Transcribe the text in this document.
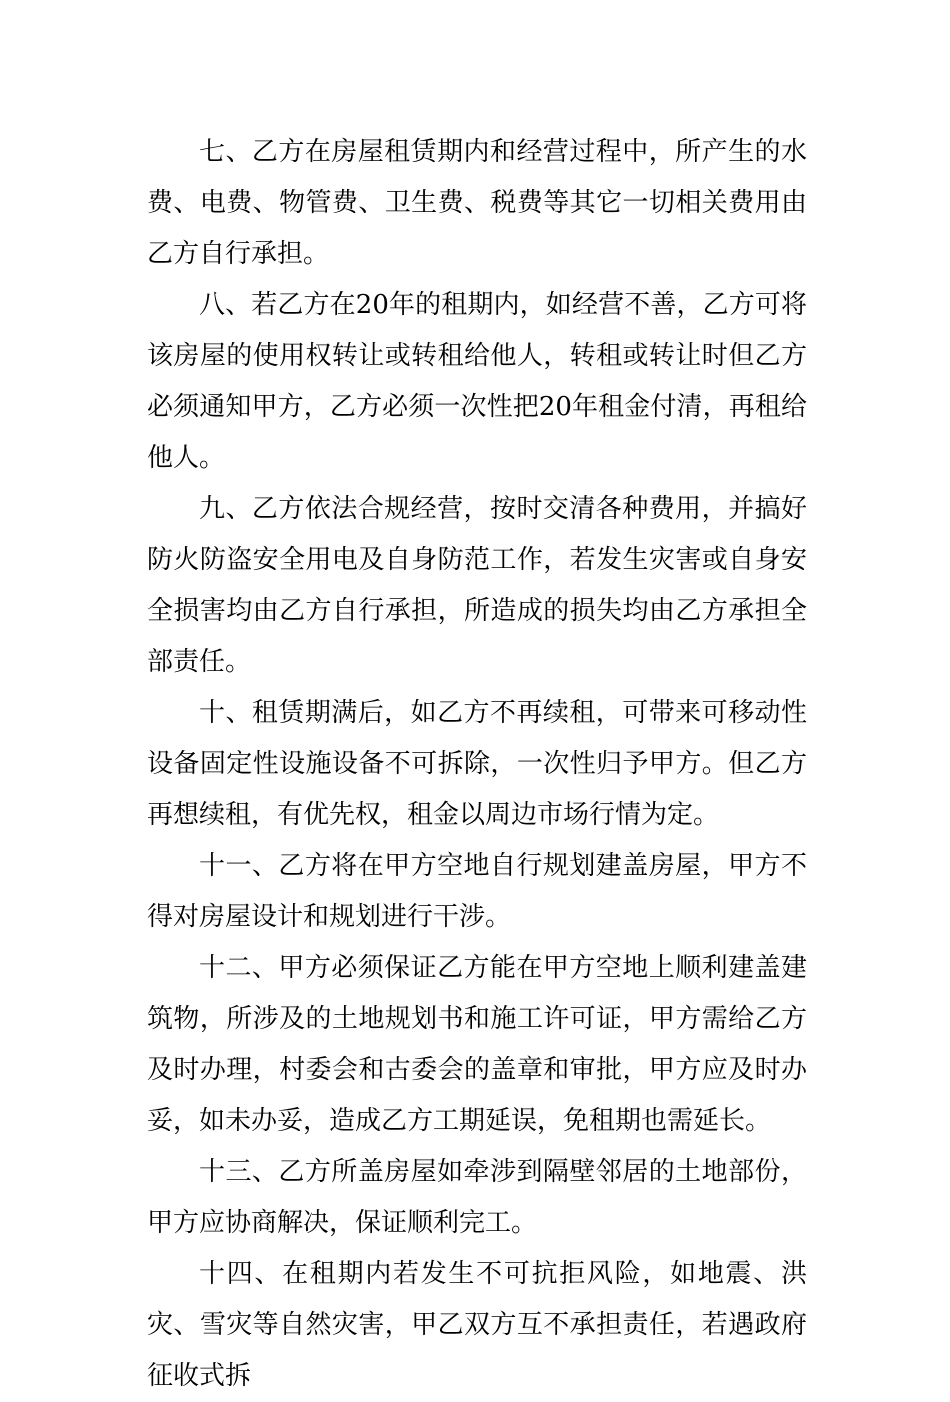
七、乙方在房屋租赁期内和经营过程中，所产生的水费、电费、物管费、卫生费、税费等其它一切相关费用由乙方自行承担。

八、若乙方在20年的租期内，如经营不善，乙方可将该房屋的使用权转让或转租给他人，转租或转让时但乙方必须通知甲方，乙方必须一次性把20年租金付清，再租给他人。

九、乙方依法合规经营，按时交清各种费用，并搞好防火防盗安全用电及自身防范工作，若发生灾害或自身安全损害均由乙方自行承担，所造成的损失均由乙方承担全部责任。

十、租赁期满后，如乙方不再续租，可带来可移动性设备固定性设施设备不可拆除，一次性归予甲方。但乙方再想续租，有优先权，租金以周边市场行情为定。

十一、乙方将在甲方空地自行规划建盖房屋，甲方不得对房屋设计和规划进行干涉。

十二、甲方必须保证乙方能在甲方空地上顺利建盖建筑物，所涉及的土地规划书和施工许可证，甲方需给乙方及时办理，村委会和古委会的盖章和审批，甲方应及时办妥，如未办妥，造成乙方工期延误，免租期也需延长。

十三、乙方所盖房屋如牵涉到隔壁邻居的土地部份，甲方应协商解决，保证顺利完工。

十四、在租期内若发生不可抗拒风险，如地震、洪灾、雪灾等自然灾害，甲乙双方互不承担责任，若遇政府征收式拆
